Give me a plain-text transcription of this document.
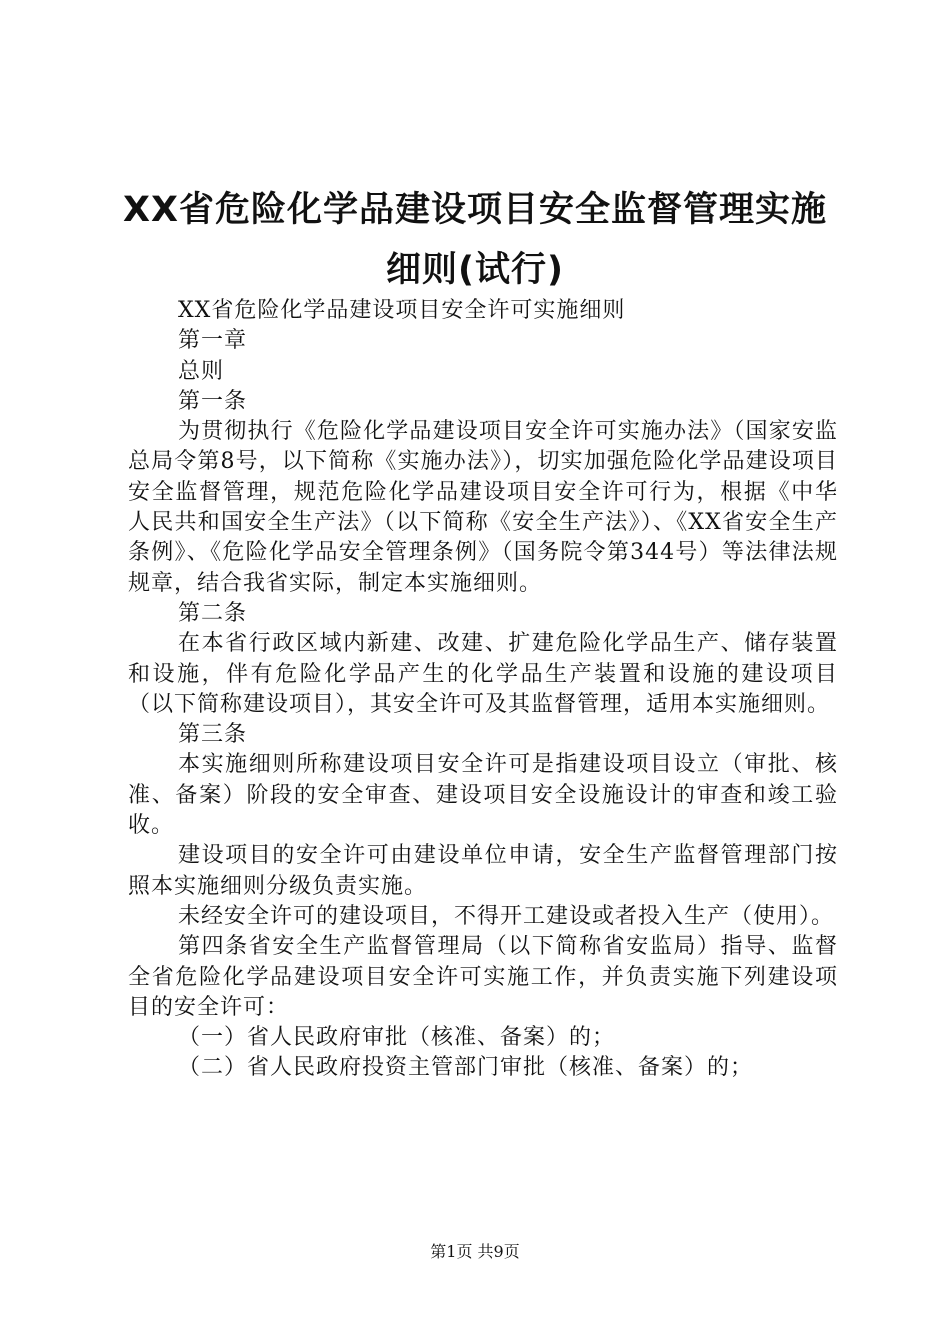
XX省危险化学品建设项目安全监督管理实施
细则(试行)

XX省危险化学品建设项目安全许可实施细则

第一章

总则

第一条

为贯彻执行《危险化学品建设项目安全许可实施办法》（国家安监总局令第8号，以下简称《实施办法》），切实加强危险化学品建设项目安全监督管理，规范危险化学品建设项目安全许可行为，根据《中华人民共和国安全生产法》（以下简称《安全生产法》）、《XX省安全生产条例》、《危险化学品安全管理条例》（国务院令第344号）等法律法规规章，结合我省实际，制定本实施细则。

第二条

在本省行政区域内新建、改建、扩建危险化学品生产、储存装置和设施，伴有危险化学品产生的化学品生产装置和设施的建设项目（以下简称建设项目），其安全许可及其监督管理，适用本实施细则。

第三条

本实施细则所称建设项目安全许可是指建设项目设立（审批、核准、备案）阶段的安全审查、建设项目安全设施设计的审查和竣工验收。

建设项目的安全许可由建设单位申请，安全生产监督管理部门按照本实施细则分级负责实施。

未经安全许可的建设项目，不得开工建设或者投入生产（使用）。

第四条省安全生产监督管理局（以下简称省安监局）指导、监督全省危险化学品建设项目安全许可实施工作，并负责实施下列建设项目的安全许可：

（一）省人民政府审批（核准、备案）的；

（二）省人民政府投资主管部门审批（核准、备案）的；

第1页 共9页
